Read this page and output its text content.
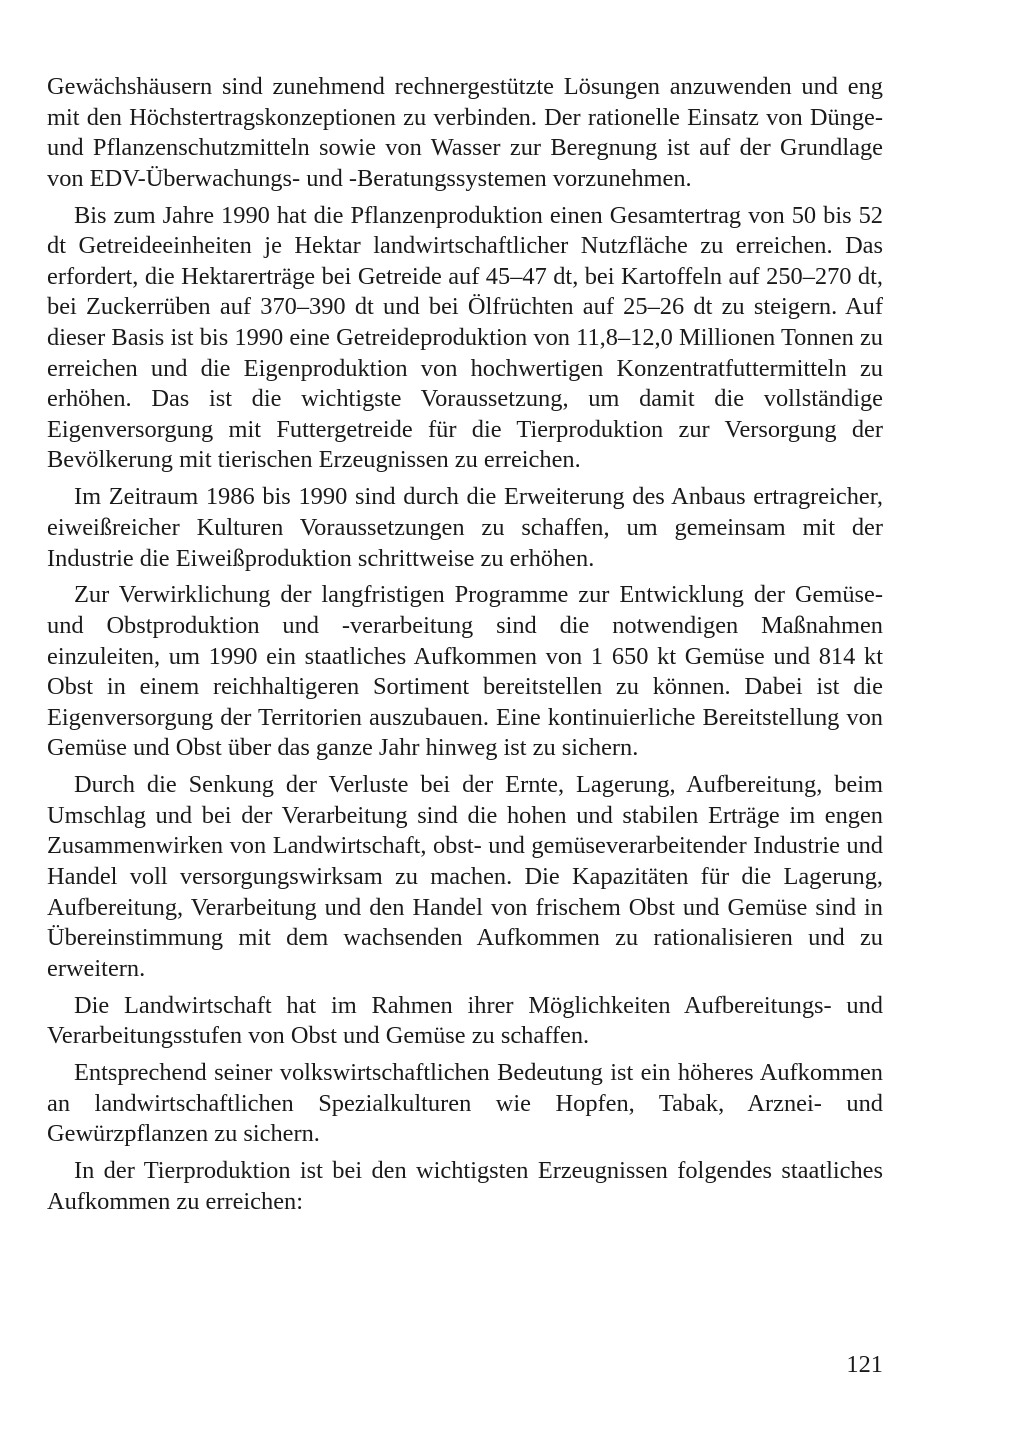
Gewächshäusern sind zunehmend rechnergestützte Lösungen anzuwenden und eng mit den Höchstertragskonzeptionen zu verbinden. Der rationelle Einsatz von Dünge- und Pflanzenschutzmitteln sowie von Wasser zur Beregnung ist auf der Grundlage von EDV-Überwachungs- und -Beratungssystemen vorzunehmen.

Bis zum Jahre 1990 hat die Pflanzenproduktion einen Gesamtertrag von 50 bis 52 dt Getreideeinheiten je Hektar landwirtschaftlicher Nutzfläche zu erreichen. Das erfordert, die Hektarerträge bei Getreide auf 45–47 dt, bei Kartoffeln auf 250–270 dt, bei Zuckerrüben auf 370–390 dt und bei Ölfrüchten auf 25–26 dt zu steigern. Auf dieser Basis ist bis 1990 eine Getreideproduktion von 11,8–12,0 Millionen Tonnen zu erreichen und die Eigenproduktion von hochwertigen Konzentratfuttermitteln zu erhöhen. Das ist die wichtigste Voraussetzung, um damit die vollständige Eigenversorgung mit Futtergetreide für die Tierproduktion zur Versorgung der Bevölkerung mit tierischen Erzeugnissen zu erreichen.

Im Zeitraum 1986 bis 1990 sind durch die Erweiterung des Anbaus ertragreicher, eiweißreicher Kulturen Voraussetzungen zu schaffen, um gemeinsam mit der Industrie die Eiweißproduktion schrittweise zu erhöhen.

Zur Verwirklichung der langfristigen Programme zur Entwicklung der Gemüse- und Obstproduktion und -verarbeitung sind die notwendigen Maßnahmen einzuleiten, um 1990 ein staatliches Aufkommen von 1 650 kt Gemüse und 814 kt Obst in einem reichhaltigeren Sortiment bereitstellen zu können. Dabei ist die Eigenversorgung der Territorien auszubauen. Eine kontinuierliche Bereitstellung von Gemüse und Obst über das ganze Jahr hinweg ist zu sichern.

Durch die Senkung der Verluste bei der Ernte, Lagerung, Aufbereitung, beim Umschlag und bei der Verarbeitung sind die hohen und stabilen Erträge im engen Zusammenwirken von Landwirtschaft, obst- und gemüseverarbeitender Industrie und Handel voll versorgungswirksam zu machen. Die Kapazitäten für die Lagerung, Aufbereitung, Verarbeitung und den Handel von frischem Obst und Gemüse sind in Übereinstimmung mit dem wachsenden Aufkommen zu rationalisieren und zu erweitern.

Die Landwirtschaft hat im Rahmen ihrer Möglichkeiten Aufbereitungs- und Verarbeitungsstufen von Obst und Gemüse zu schaffen.

Entsprechend seiner volkswirtschaftlichen Bedeutung ist ein höheres Aufkommen an landwirtschaftlichen Spezialkulturen wie Hopfen, Tabak, Arznei- und Gewürzpflanzen zu sichern.

In der Tierproduktion ist bei den wichtigsten Erzeugnissen folgendes staatliches Aufkommen zu erreichen:

121
